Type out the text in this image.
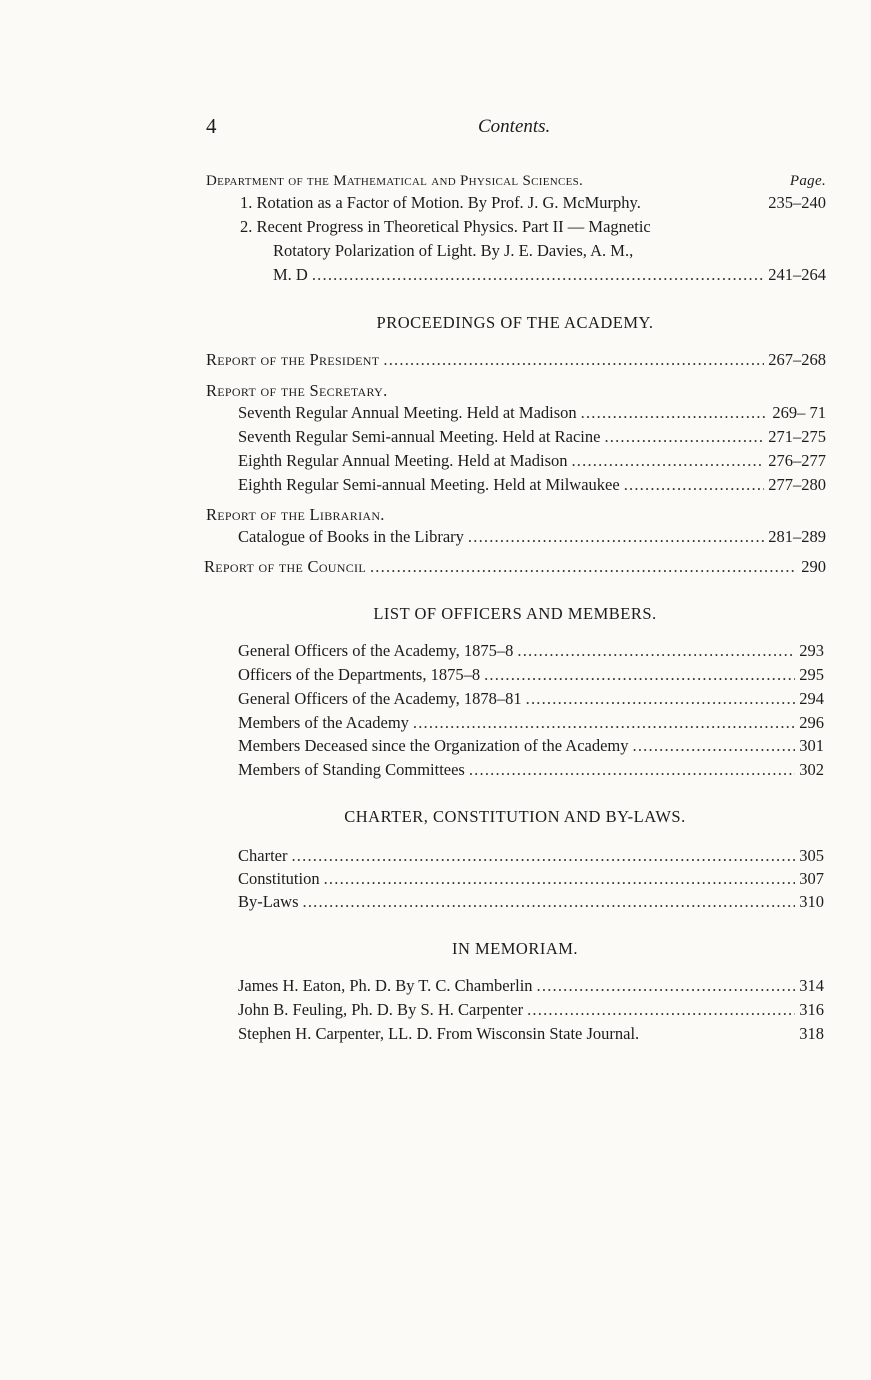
4	Contents.
Department of the Mathematical and Physical Sciences.	Page.
1. Rotation as a Factor of Motion. By Prof. J. G. McMurphy.	235–240
2. Recent Progress in Theoretical Physics. Part II — Magnetic
Rotatory Polarization of Light. By J. E. Davies, A. M.,
M. D .....	241–264
PROCEEDINGS OF THE ACADEMY.
Report of the President .....	267–268
Report of the Secretary.
Seventh Regular Annual Meeting. Held at Madison .....	269– 71
Seventh Regular Semi-annual Meeting. Held at Racine .....	271–275
Eighth Regular Annual Meeting. Held at Madison .....	276–277
Eighth Regular Semi-annual Meeting. Held at Milwaukee .....	277–280
Report of the Librarian.
Catalogue of Books in the Library .....	281–289
Report of the Council .....	290
LIST OF OFFICERS AND MEMBERS.
General Officers of the Academy, 1875–8 .....	293
Officers of the Departments, 1875–8 .....	295
General Officers of the Academy, 1878–81 .....	294
Members of the Academy .....	296
Members Deceased since the Organization of the Academy .....	301
Members of Standing Committees .....	302
CHARTER, CONSTITUTION AND BY-LAWS.
Charter .....	305
Constitution .....	307
By-Laws .....	310
IN MEMORIAM.
James H. Eaton, Ph. D. By T. C. Chamberlin .....	314
John B. Feuling, Ph. D. By S. H. Carpenter .....	316
Stephen H. Carpenter, LL. D. From Wisconsin State Journal.	318
